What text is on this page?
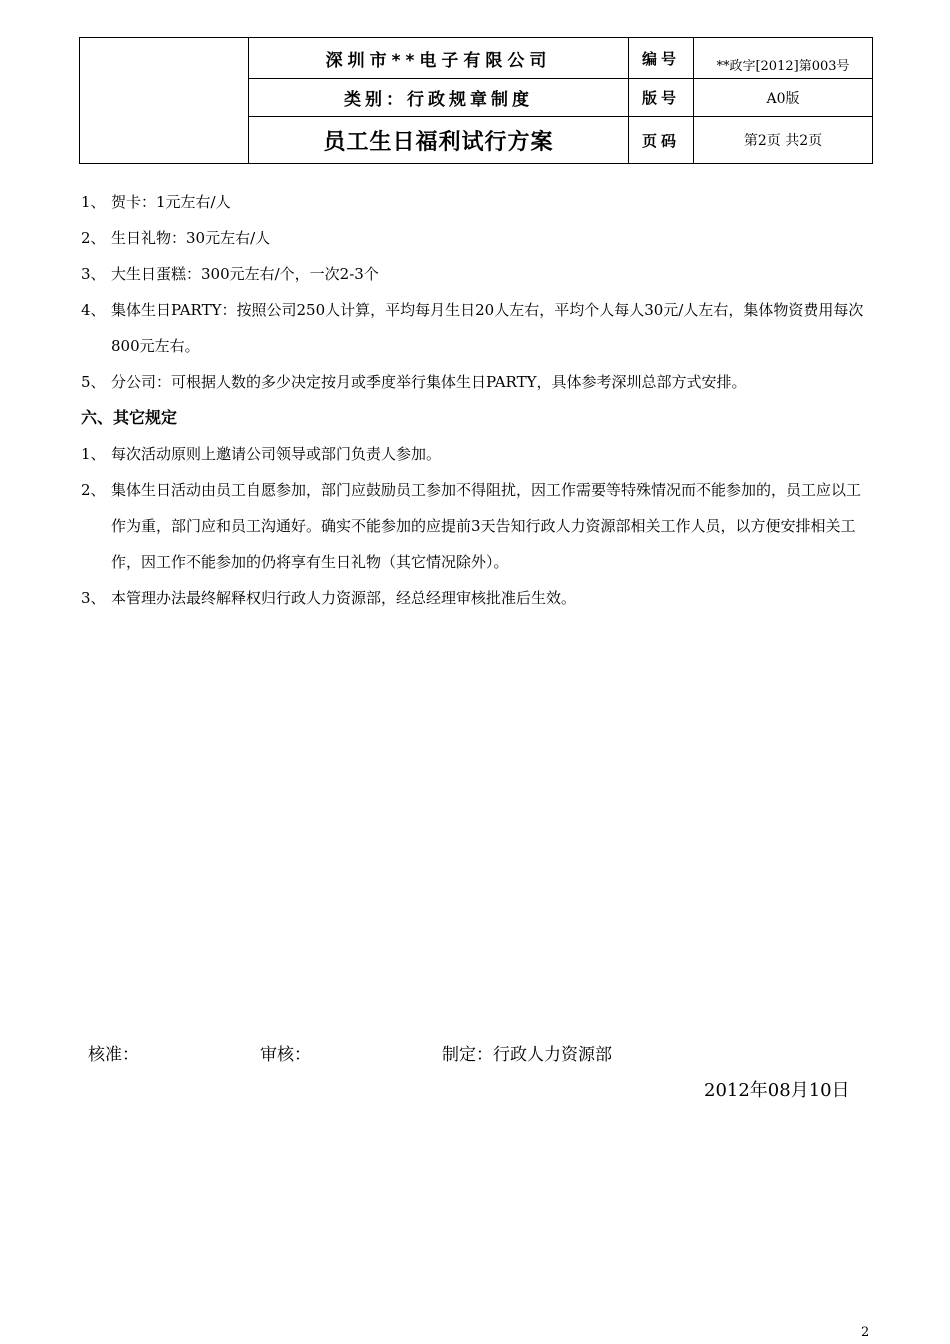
	深圳市**电子有限公司	编号	**政字[2012]第003号
	类别：行政规章制度	版号	A0版
	员工生日福利试行方案	页码	第2页 共2页
1、 贺卡：1元左右/人
2、 生日礼物：30元左右/人
3、 大生日蛋糕：300元左右/个，一次2-3个
4、 集体生日PARTY：按照公司250人计算，平均每月生日20人左右，平均个人每人30元/人左右，集体物资费用每次800元左右。
5、 分公司：可根据人数的多少决定按月或季度举行集体生日PARTY，具体参考深圳总部方式安排。
六、其它规定
1、 每次活动原则上邀请公司领导或部门负责人参加。
2、 集体生日活动由员工自愿参加，部门应鼓励员工参加不得阻扰，因工作需要等特殊情况而不能参加的，员工应以工作为重，部门应和员工沟通好。确实不能参加的应提前3天告知行政人力资源部相关工作人员，以方便安排相关工作，因工作不能参加的仍将享有生日礼物（其它情况除外）。
3、 本管理办法最终解释权归行政人力资源部，经总经理审核批准后生效。
核准：	审核：	制定：行政人力资源部
2012年08月10日
2
